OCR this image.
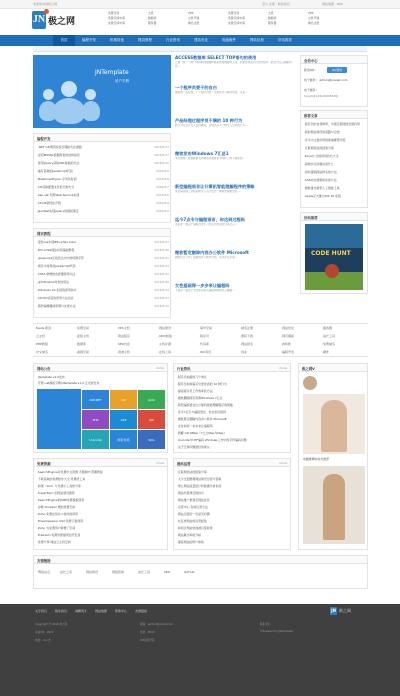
欢迎您来到极之网	登入·注册 · 联系我们	网站地图 · RSS
JN 极之网
免费空间	主机	VPS
免费空间申请	数据库	主机开通
免费空间申请	服务器	域名注册
免费空间	主机	VPS
免费空间申请	数据库	主机开通
免费空间申请	服务器	域名注册
首页	编程开发	机械设备	网页教程	行业资讯	建站优化	电脑硬件	网站运营	好站推荐
JNTemplate
用户手册
ACCESS数据库 SELECT TOP语句的使用
之前一般一个用户来说修改数据库都是使用数据库工具，但是在网站运行的过程中...此处为文章摘要内容...
一个程序员要子的自白
据说我一直在想，一个程序员的一生都在学习新的东西，可是...
产品经理过程序员不满的 10 种行为
经过对大量开发人员的调查，总结出以下十种令人讨厌的行为...
微软发布Windows 7汇总1
本文整理了微软最新发布的相关更新资讯和补丁的下载地址...
新型编程语言让计算机智能理解程序的策略
来自麻省理工学院的研究人员开发出一种新型编程语言...
迄今7点专与编程语言，你达到过程吗
这里是一篇关于编程语言学习方法与经验的分享文章...
微软暂定删除内容办公软件 Microsoft
微软近日公布了最新的办公软件计划，其中涉及多项...
女性基础得一步步来让编程吗
下面是一篇关于女性如何进入编程领域的文章摘要...
编程开发
·.NET C#调用系统日期格式化函数	2016/5/17
·返回MSSQL数据库表的结构信息	2016/5/17
·使用jQuery获取URL参数的方法	2016/5/15
·编写高效的JavaScript代码	2016/5/9
·Newtonsoft.Json 序列化时间	2016/5/8
·C#读取配置文件的几种方式	2016/5/7
·asp.net 利用Web Service实现	2016/5/6
·html5新特性介绍	2016/5/4
·Jsonfast实现jquery的模板绑定	2016/5/3
网页教程
·更改css实现IE6 Lytles.Color	2016/5/27
·DIV+CSS网站布局基础教程	2016/5/26
·javascript正则表达式中的特殊字符	2016/5/25
·网页中常用的JavaScript代码	2016/5/24
·CSS3 新增的选择器使用方法	2016/5/22
·js中Window对象的用法	2016/5/20
·Windows 10 系统的使用技巧	2016/5/19
·html中标签的使用方法总结	2016/5/17
·图形编辑器的原理与实现方法	2016/5/15
会员中心
新浪QQ：	QQ登录
电子邮件： admin@jnanet.com
电子邮件：
hanji6@126(26808246)
推荐文章
·程序员的自我修养，中国互联网的发展趋势
·新的网站建设的思路与总结
·迄今为止最好用的前端框架介绍
·互联网创业的经验分享
·Excel公式的使用技巧大全
·高效执行的秘诀是什么
·如何提高网站排名的方法
·CSS动态效果的实现方法
·微软推出新型人工智能工具
·Apple正式推出iOS 10 系统
好站推荐
CODE HUNT
·feeds 新浪	·免费空间	·VPS主机	·网站建设	·海外空间	·域名注册	·网站优化	·服务器
·云主机	·虚拟主机	·建站程序	·CDN加速	·程序员	·源码下载	·网页模板	·站长工具
·PHP教程	·数据库	·SEO优化	·主机评测	·代码库	·网站排名	·JS特效	·免费域名
·中文域名	·美国空间	·香港主机	·在线工具	·IDC资讯	·创业	·编程开发	·硬件
网站公告	more
·jtemplate v1.0发布
·开源.net模板引擎jnTemplate v1.2 正式版发布
ASP.NET	C#	JAVA
PHP	ASP	JSP
Unicode	网页布局	SQL
行业资讯	more
·程序员加薪的几个建议
·程序员如何编写出更优质的 10 种行为
·提高程序员工作效率的方法
·微软删除网页资源Windows 7汇总
·新型编程语言让计算机智能理解程序的策略
·迄今7点专与编程语言，你达到过程吗
·微软暂定删除内容办公软件 Microsoft
·女性如何一步步来让编程吗
·图解 C#.0Map（Y立立Map与Map）
·Unicode与UTF编码 Windows工作中的字符编码问题
·关于迁移问题最好的建议
免费资源	more
·SearchEngine对免费中文资源 无限制IT 部署教程
·下载高效的免费软件大全 免费的工具
·如果（xml）与免费小工具的分享
·SuperTopic 的网站建设推荐
·SearchEngine的AMP免费模板使用
·谷歌 Dropbox 增加免费空间
·Zoho 免费在线办公软件的使用
·Dreamweaver CS3 免费下载使用
·Zoho 为免费用户新增了空间
·Freedom 免费资源提供给开发者
·免费分享 网站云主机空间
建站运营	more
·互联网创业的经验分享
·大牛全面整理网站建设运营与营销
·建立网站流量统计和数据分析系统
·网站外链建设的技巧
·网站推广策划及网站优化
·运营中心 有效运营方法
·网站运营的一些常见问题
·社区类网站的运营经验
·如何让网站快速被百度收录
·网站跳出率的分析
·提高网站的用户体验
极之网V
电脑维修的技巧推荐
友情链接
博客站点	站长之家	网站建设	网络营销	站长工具	SEO	GitHub
关于我们	联系我们	诚聘英才	网站地图	帮助中心	友情链接	JN 极之网
Copyright © 2016 极之网
本站QQ：2222
地址：xxx 市
邮箱：admin@jnanet.com
电话：0000
ICP备案号码
联系我们
©Powered by JNTemplate
